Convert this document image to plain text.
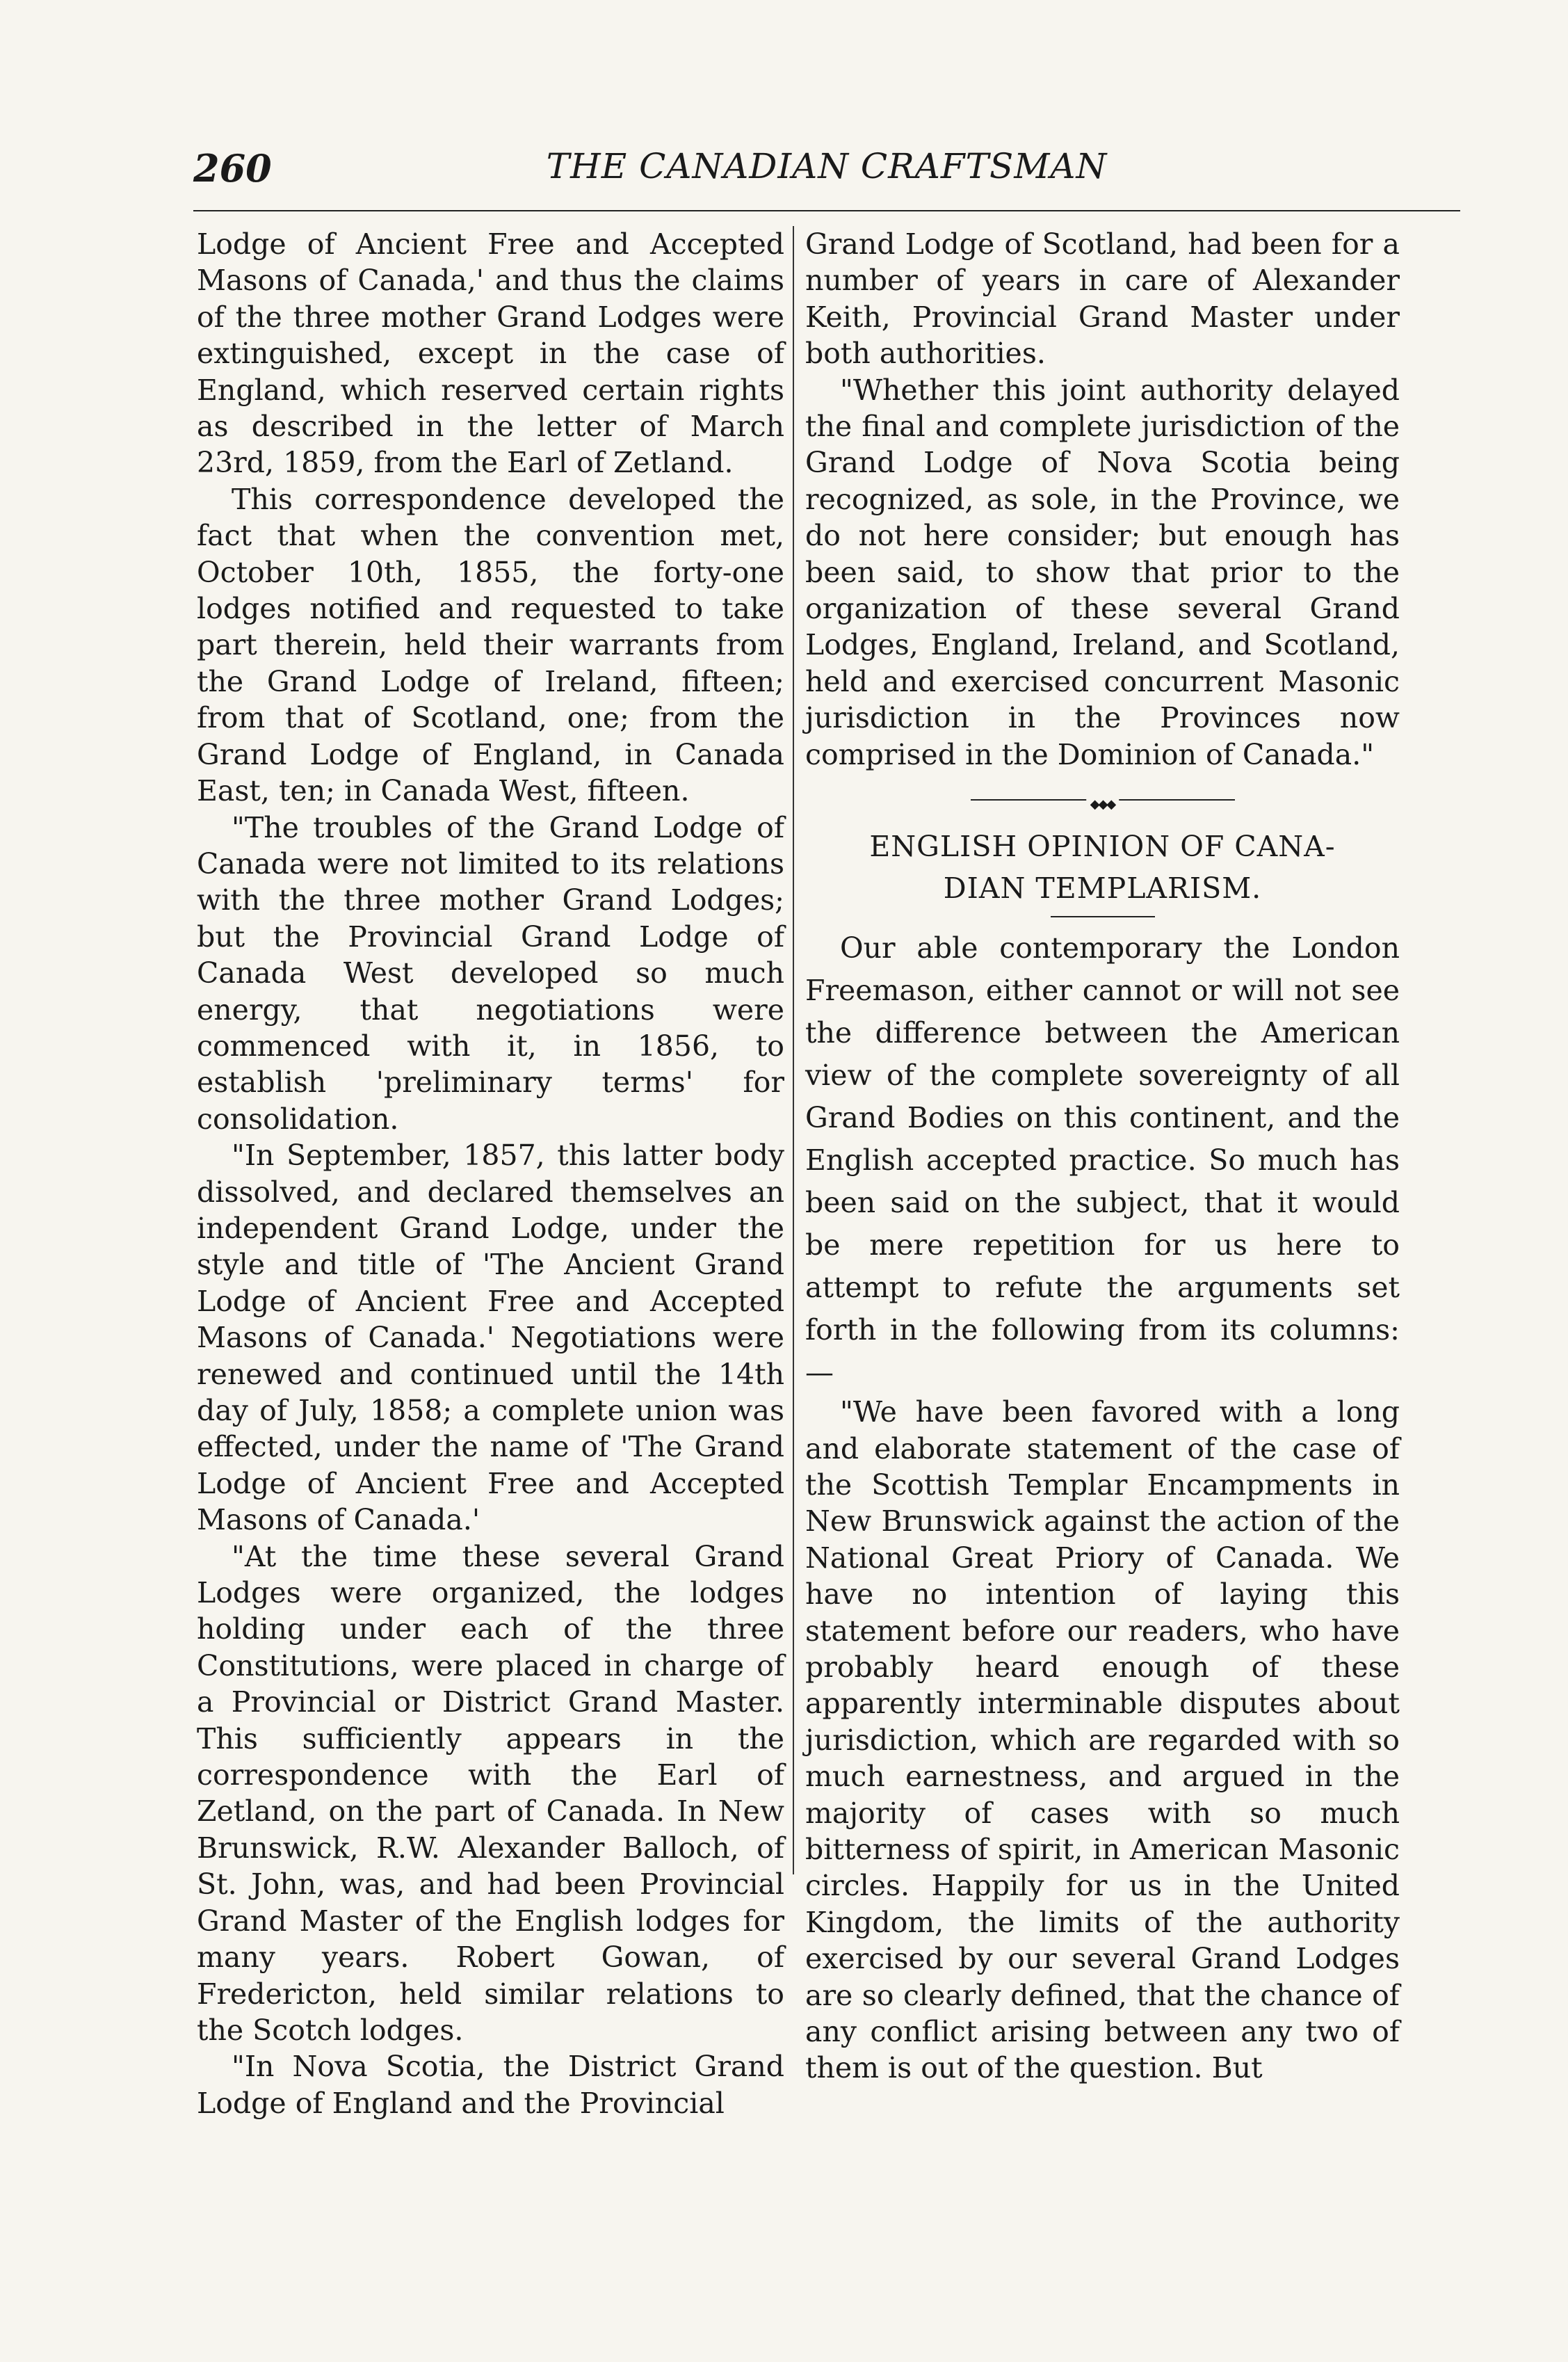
260	THE CANADIAN CRAFTSMAN

Lodge of Ancient Free and Accepted Masons of Canada,' and thus the claims of the three mother Grand Lodges were extinguished, except in the case of England, which reserved certain rights as described in the letter of March 23rd, 1859, from the Earl of Zetland.

This correspondence developed the fact that when the convention met, October 10th, 1855, the forty-one lodges notified and requested to take part therein, held their warrants from the Grand Lodge of Ireland, fifteen; from that of Scotland, one; from the Grand Lodge of England, in Canada East, ten; in Canada West, fifteen.

"The troubles of the Grand Lodge of Canada were not limited to its relations with the three mother Grand Lodges; but the Provincial Grand Lodge of Canada West developed so much energy, that negotiations were commenced with it, in 1856, to establish 'preliminary terms' for consolidation.

"In September, 1857, this latter body dissolved, and declared themselves an independent Grand Lodge, under the style and title of 'The Ancient Grand Lodge of Ancient Free and Accepted Masons of Canada.' Negotiations were renewed and continued until the 14th day of July, 1858; a complete union was effected, under the name of 'The Grand Lodge of Ancient Free and Accepted Masons of Canada.'

"At the time these several Grand Lodges were organized, the lodges holding under each of the three Constitutions, were placed in charge of a Provincial or District Grand Master. This sufficiently appears in the correspondence with the Earl of Zetland, on the part of Canada. In New Brunswick, R.W. Alexander Balloch, of St. John, was, and had been Provincial Grand Master of the English lodges for many years. Robert Gowan, of Fredericton, held similar relations to the Scotch lodges.

"In Nova Scotia, the District Grand Lodge of England and the Provincial

Grand Lodge of Scotland, had been for a number of years in care of Alexander Keith, Provincial Grand Master under both authorities.

"Whether this joint authority delayed the final and complete jurisdiction of the Grand Lodge of Nova Scotia being recognized, as sole, in the Province, we do not here consider; but enough has been said, to show that prior to the organization of these several Grand Lodges, England, Ireland, and Scotland, held and exercised concurrent Masonic jurisdiction in the Provinces now comprised in the Dominion of Canada."

◆◆◆

ENGLISH OPINION OF CANA-

DIAN TEMPLARISM.

Our able contemporary the London Freemason, either cannot or will not see the difference between the American view of the complete sovereignty of all Grand Bodies on this continent, and the English accepted practice. So much has been said on the subject, that it would be mere repetition for us here to attempt to refute the arguments set forth in the following from its columns:—

"We have been favored with a long and elaborate statement of the case of the Scottish Templar Encampments in New Brunswick against the action of the National Great Priory of Canada. We have no intention of laying this statement before our readers, who have probably heard enough of these apparently interminable disputes about jurisdiction, which are regarded with so much earnestness, and argued in the majority of cases with so much bitterness of spirit, in American Masonic circles. Happily for us in the United Kingdom, the limits of the authority exercised by our several Grand Lodges are so clearly defined, that the chance of any conflict arising between any two of them is out of the question. But
